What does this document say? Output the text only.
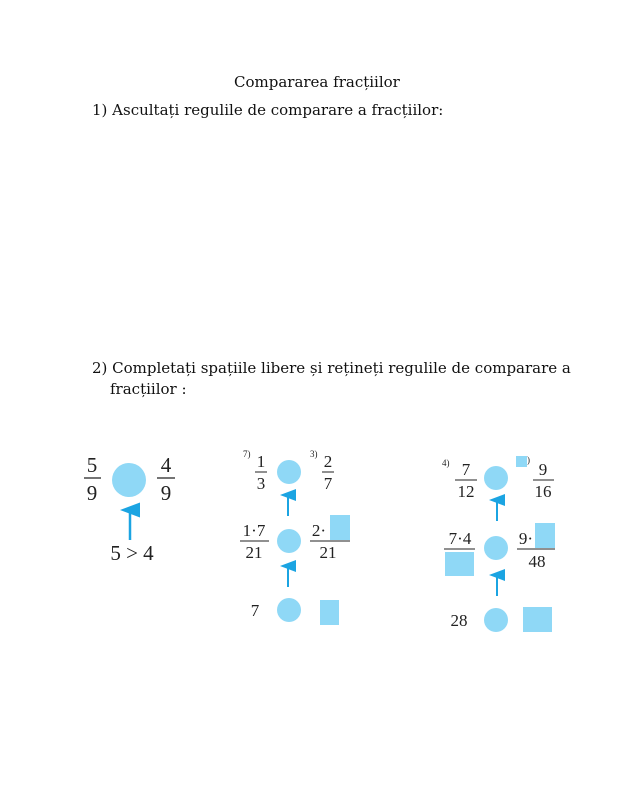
Compararea fracțiilor
1) Ascultați regulile de comparare a fracțiilor:
2) Completați spațiile libere și rețineți regulile de comparare a
fracțiilor :
5
9
4
9
5 > 4
7) 1
3
3) 2
7
1·7
21
2·
21
7
4) 7
12
) 9
16
7·4	9·
48
28
